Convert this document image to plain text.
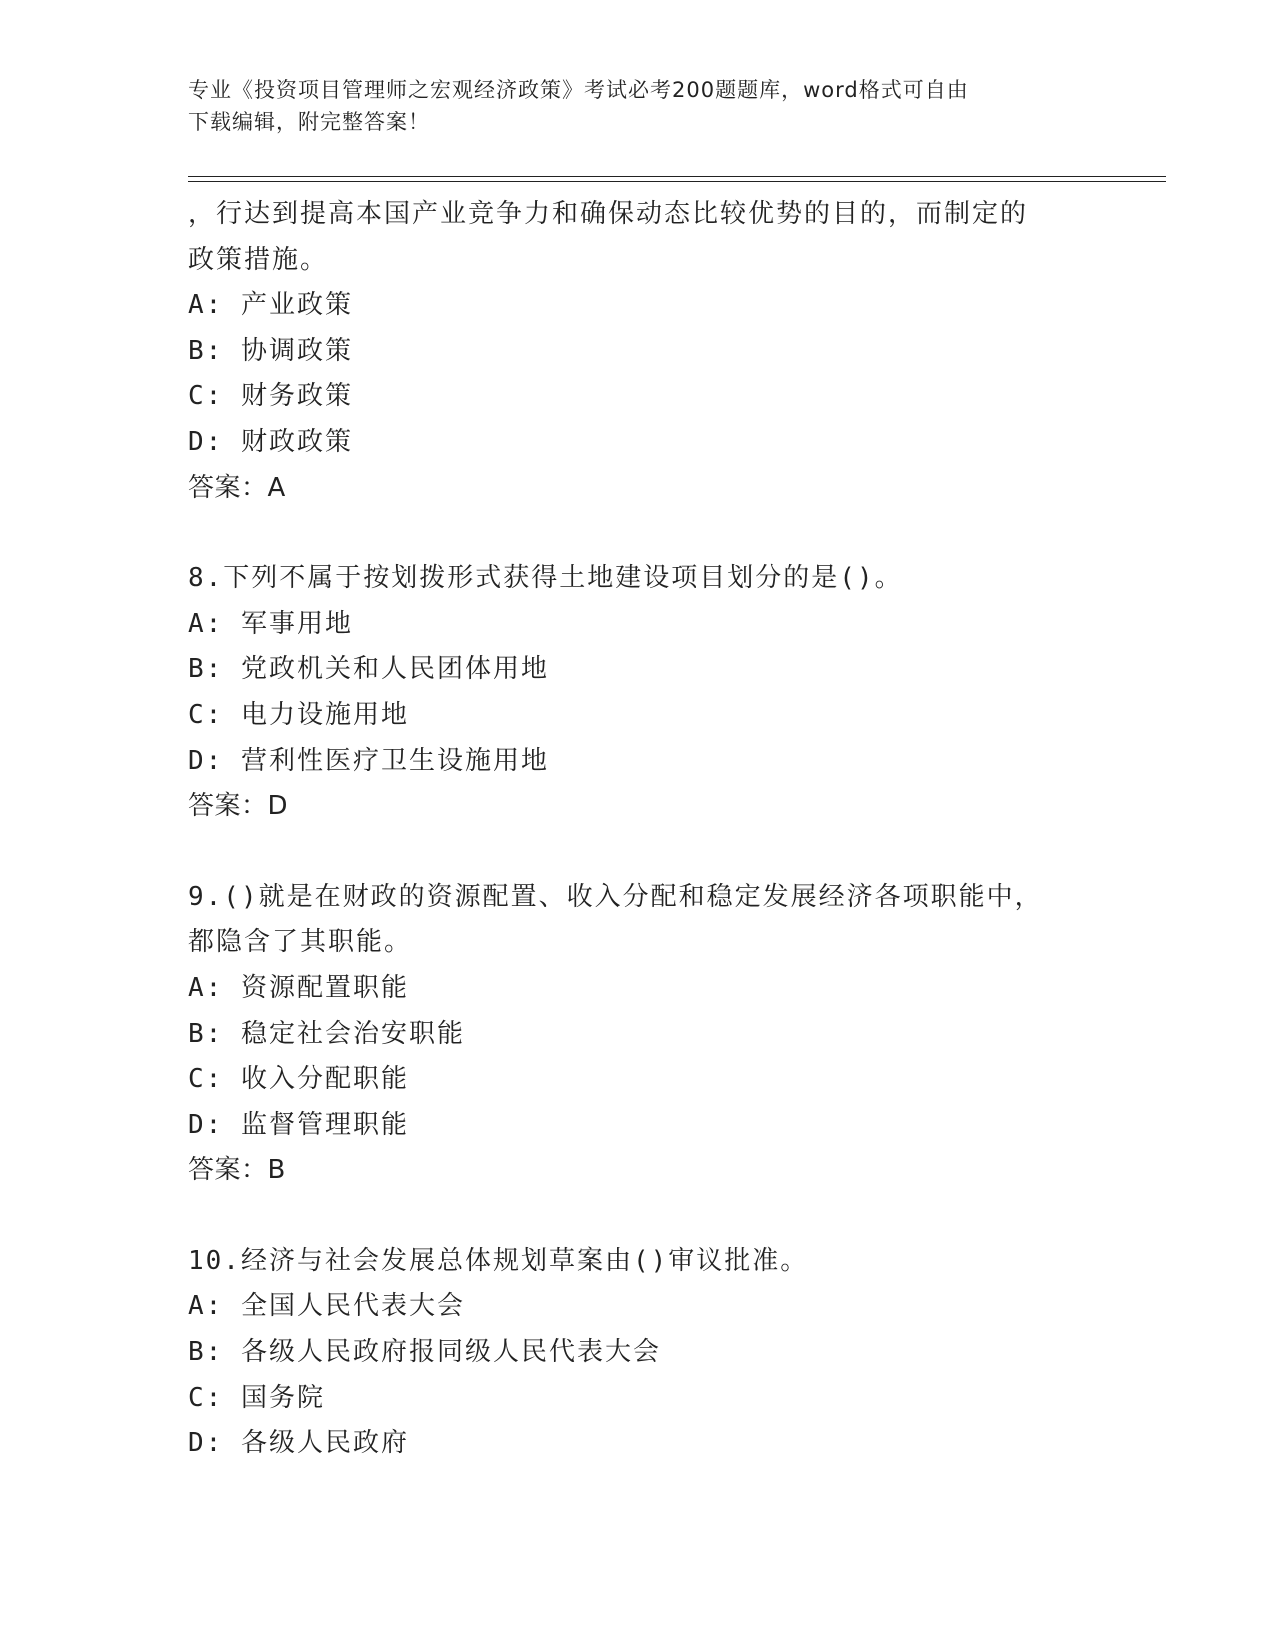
专业《投资项目管理师之宏观经济政策》考试必考200题题库，word格式可自由
下载编辑，附完整答案！
，行达到提高本国产业竞争力和确保动态比较优势的目的，而制定的
政策措施。
A: 产业政策
B: 协调政策
C: 财务政策
D: 财政政策
答案：A
8.下列不属于按划拨形式获得土地建设项目划分的是()。
A: 军事用地
B: 党政机关和人民团体用地
C: 电力设施用地
D: 营利性医疗卫生设施用地
答案：D
9.()就是在财政的资源配置、收入分配和稳定发展经济各项职能中，
都隐含了其职能。
A: 资源配置职能
B: 稳定社会治安职能
C: 收入分配职能
D: 监督管理职能
答案：B
10.经济与社会发展总体规划草案由()审议批准。
A: 全国人民代表大会
B: 各级人民政府报同级人民代表大会
C: 国务院
D: 各级人民政府
